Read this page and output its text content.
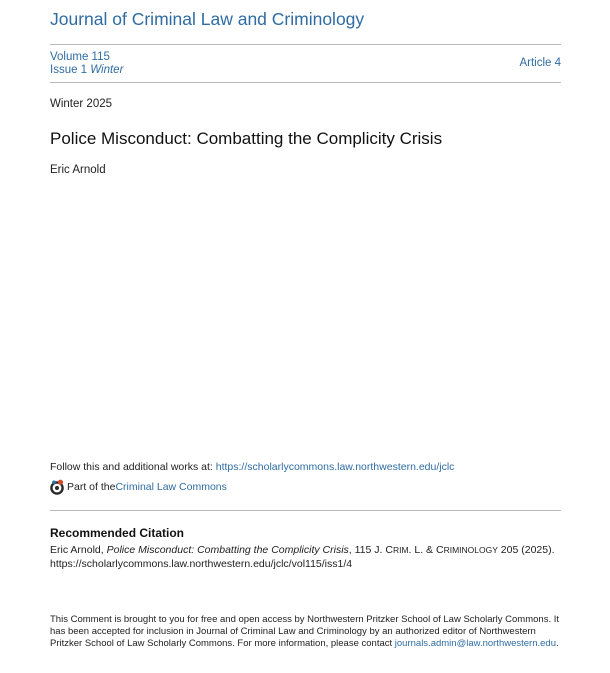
Journal of Criminal Law and Criminology
Volume 115
Issue 1 Winter
Article 4
Winter 2025
Police Misconduct: Combatting the Complicity Crisis
Eric Arnold
Follow this and additional works at: https://scholarlycommons.law.northwestern.edu/jclc
Part of the Criminal Law Commons
Recommended Citation
Eric Arnold, Police Misconduct: Combatting the Complicity Crisis, 115 J. CRIM. L. & CRIMINOLOGY 205 (2025).
https://scholarlycommons.law.northwestern.edu/jclc/vol115/iss1/4
This Comment is brought to you for free and open access by Northwestern Pritzker School of Law Scholarly Commons. It has been accepted for inclusion in Journal of Criminal Law and Criminology by an authorized editor of Northwestern Pritzker School of Law Scholarly Commons. For more information, please contact journals.admin@law.northwestern.edu.
